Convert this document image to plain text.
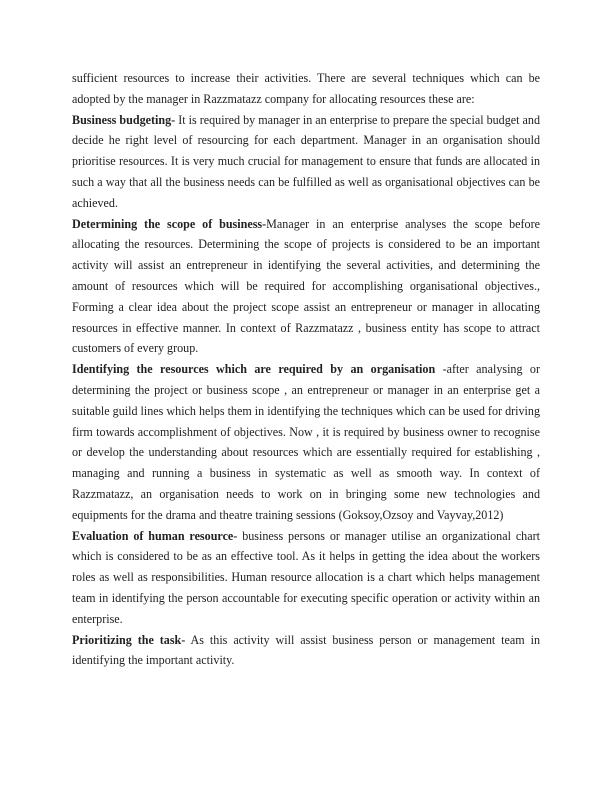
sufficient resources to increase their activities. There are several techniques which can be adopted by the manager in Razzmatazz company for allocating resources these are:

Business budgeting- It is required by manager in an enterprise to prepare the special budget and decide he right level of resourcing for each department. Manager in an organisation should prioritise resources. It is very much crucial for management to ensure that funds are allocated in such a way that all the business needs can be fulfilled as well as organisational objectives can be achieved.

Determining the scope of business-Manager in an enterprise analyses the scope before allocating the resources. Determining the scope of projects is considered to be an important activity will assist an entrepreneur in identifying the several activities, and determining the amount of resources which will be required for accomplishing organisational objectives., Forming a clear idea about the project scope assist an entrepreneur or manager in allocating resources in effective manner. In context of Razzmatazz , business entity has scope to attract customers of every group.

Identifying the resources which are required by an organisation -after analysing or determining the project or business scope , an entrepreneur or manager in an enterprise get a suitable guild lines which helps them in identifying the techniques which can be used for driving firm towards accomplishment of objectives. Now , it is required by business owner to recognise or develop the understanding about resources which are essentially required for establishing , managing and running a business in systematic as well as smooth way. In context of Razzmatazz, an organisation needs to work on in bringing some new technologies and equipments for the drama and theatre training sessions (Goksoy,Ozsoy and Vayvay,2012)

Evaluation of human resource- business persons or manager utilise an organizational chart which is considered to be as an effective tool. As it helps in getting the idea about the workers roles as well as responsibilities. Human resource allocation is a chart which helps management team in identifying the person accountable for executing specific operation or activity within an enterprise.

Prioritizing the task- As this activity will assist business person or management team in identifying the important activity.
